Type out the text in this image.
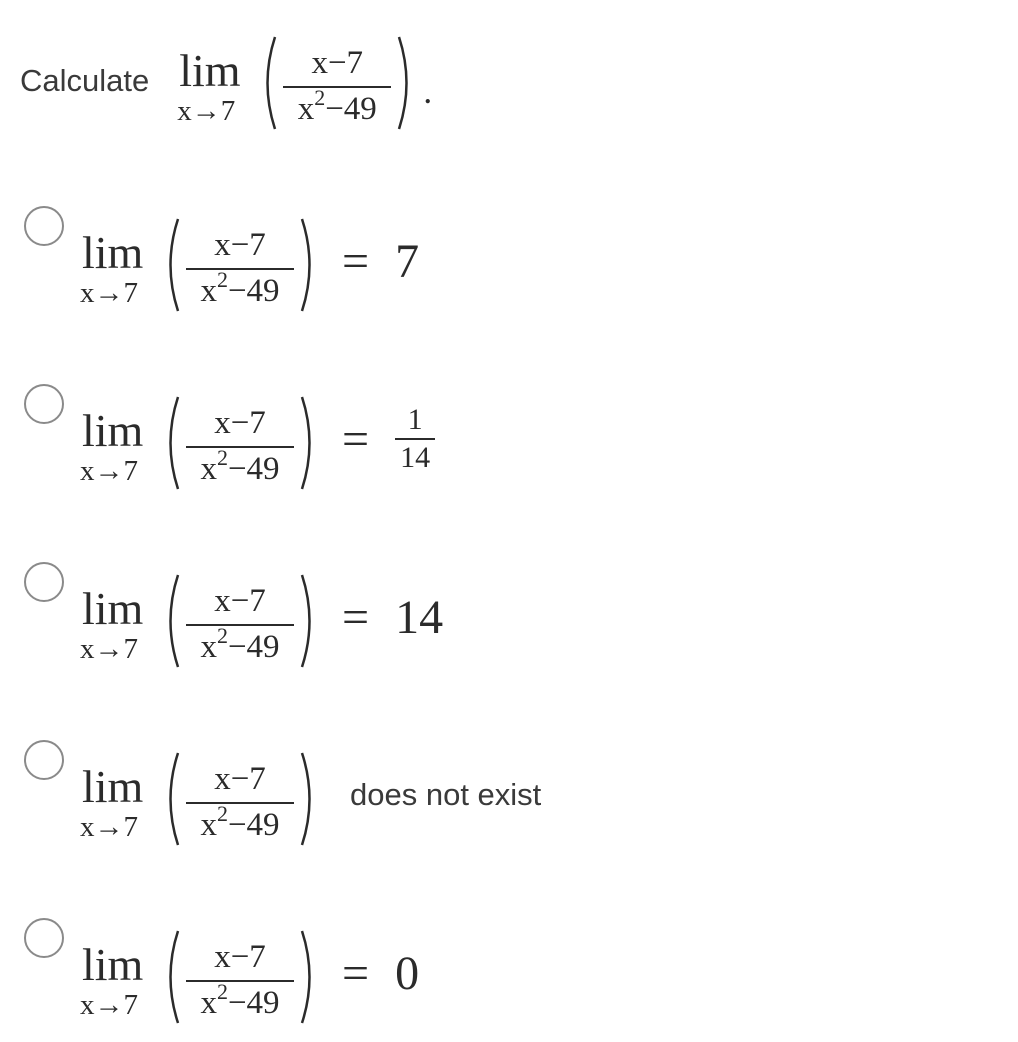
Calculate lim
$x\to 7 \frac{x-7}{x^2-49}$ .
lim
$x\to 7 \frac{x-7}{x^2-49} = 7$
lim
$x\to 7 \frac{x-7}{x^2-49} = \frac{1}{14}$
lim
$x\to 7 \frac{x-7}{x^2-49} = 14$
lim
$x\to 7 \frac{x-7}{x^2-49}$ does not exist
lim
$x\to 7 \frac{x-7}{x^2-49} = 0$
